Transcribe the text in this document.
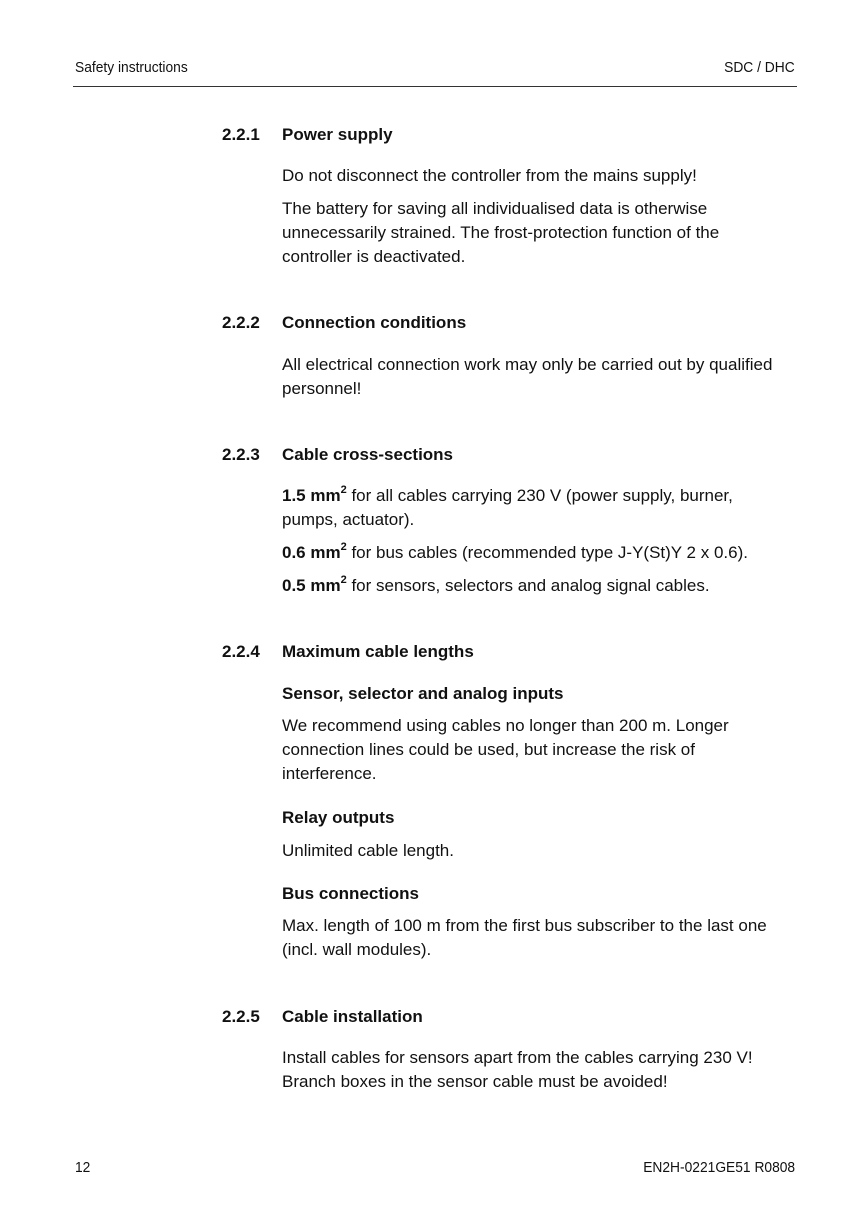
Safety instructions	SDC / DHC
2.2.1 Power supply

Do not disconnect the controller from the mains supply!

The battery for saving all individualised data is otherwise unnecessarily strained. The frost-protection function of the controller is deactivated.

2.2.2 Connection conditions

All electrical connection work may only be carried out by qualified personnel!

2.2.3 Cable cross-sections

1.5 $mm^2$ for all cables carrying 230 V (power supply, burner, pumps, actuator).

0.6 $mm^2$ for bus cables (recommended type J-Y(St)Y 2 x 0.6).

0.5 $mm^2$ for sensors, selectors and analog signal cables.

2.2.4 Maximum cable lengths
Sensor, selector and analog inputs

We recommend using cables no longer than 200 m. Longer connection lines could be used, but increase the risk of interference.

Relay outputs

Unlimited cable length.

Bus connections

Max. length of 100 m from the first bus subscriber to the last one (incl. wall modules).

2.2.5 Cable installation

Install cables for sensors apart from the cables carrying 230 V! Branch boxes in the sensor cable must be avoided!

12	EN2H-0221GE51 R0808
